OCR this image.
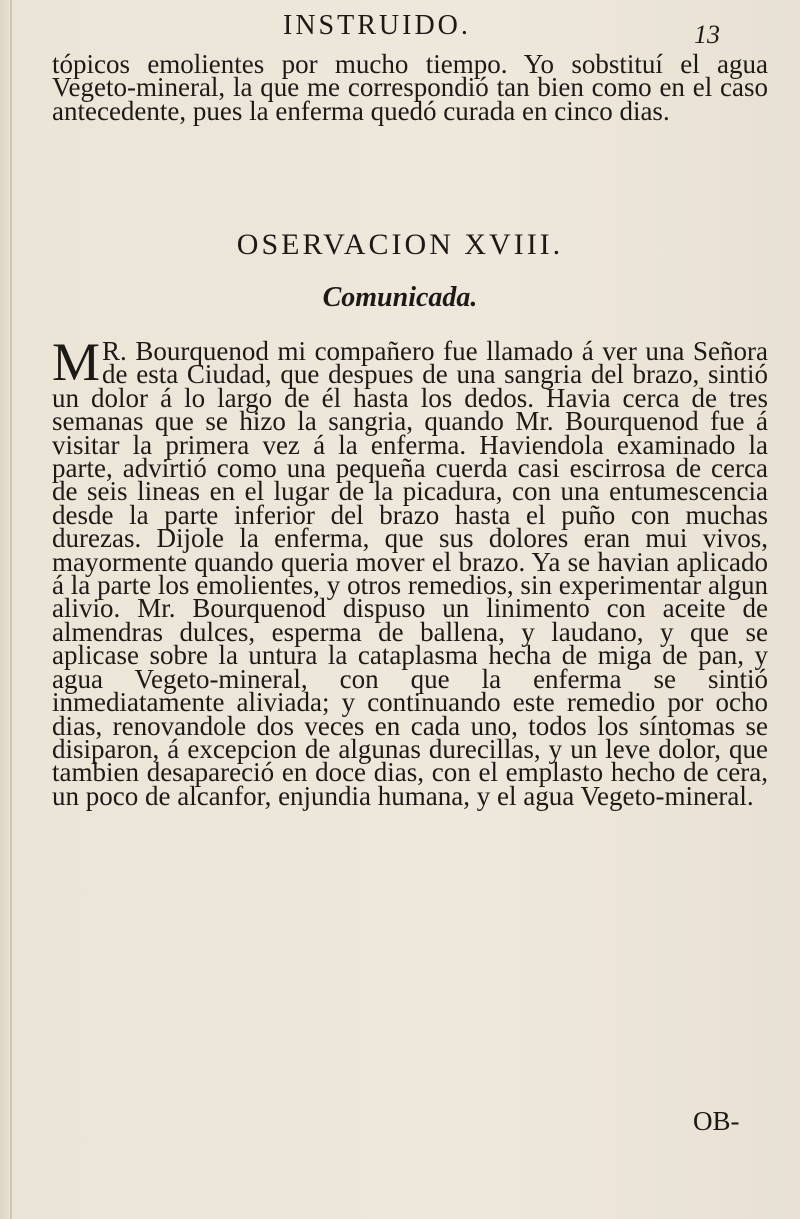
INSTRUIDO.	13

tópicos emolientes por mucho tiempo. Yo sobstituí el agua Vegeto-mineral, la que me correspondió tan bien como en el caso antecedente, pues la enferma quedó curada en cinco dias.

OSERVACION XVIII.
Comunicada.

M R. Bourquenod mi compañero fue llamado á ver una Señora de esta Ciudad, que despues de una sangria del brazo, sintió un dolor á lo largo de él hasta los dedos. Havia cerca de tres semanas que se hizo la sangria, quando Mr. Bourquenod fue á visitar la primera vez á la enferma. Haviendola examinado la parte, advirtió como una pequeña cuerda casi escirrosa de cerca de seis lineas en el lugar de la picadura, con una entumescencia desde la parte inferior del brazo hasta el puño con muchas durezas. Dijole la enferma, que sus dolores eran mui vivos, mayormente quando queria mover el brazo. Ya se havian aplicado á la parte los emolientes, y otros remedios, sin experimentar algun alivio. Mr. Bourquenod dispuso un linimento con aceite de almendras dulces, esperma de ballena, y laudano, y que se aplicase sobre la untura la cataplasma hecha de miga de pan, y agua Vegeto-mineral, con que la enferma se sintió inmediatamente aliviada; y continuando este remedio por ocho dias, renovandole dos veces en cada uno, todos los síntomas se disiparon, á excepcion de algunas durecillas, y un leve dolor, que tambien desapareció en doce dias, con el emplasto hecho de cera, un poco de alcanfor, enjundia humana, y el agua Vegeto-mineral.

OB-
